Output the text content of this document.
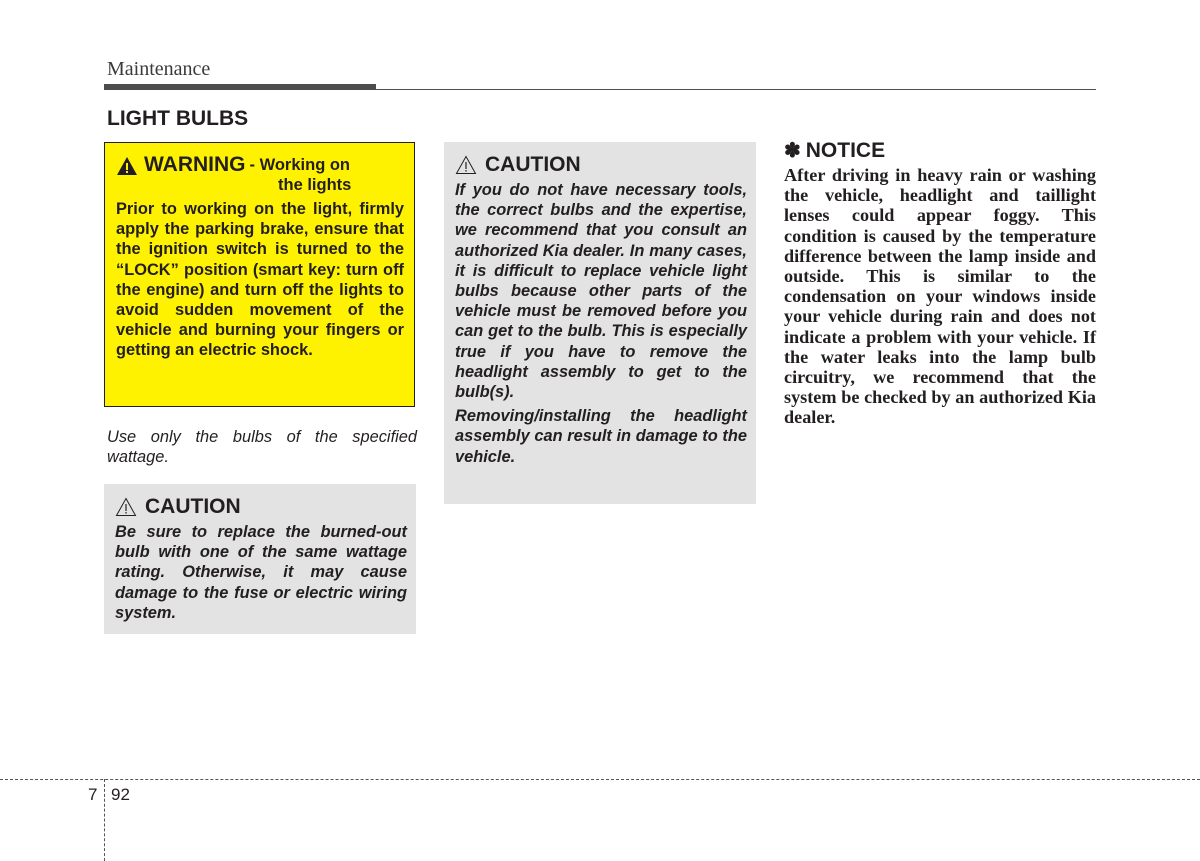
Maintenance
LIGHT BULBS
WARNING - Working on
the lights
Prior to working on the light, firmly apply the parking brake, ensure that the ignition switch is turned to the “LOCK” position (smart key: turn off the engine) and turn off the lights to avoid sudden movement of the vehicle and burning your fingers or getting an electric shock.
Use only the bulbs of the specified wattage.
CAUTION

Be sure to replace the burned-out bulb with one of the same wattage rating. Otherwise, it may cause damage to the fuse or electric wiring system.

CAUTION

If you do not have necessary tools, the correct bulbs and the expertise, we recommend that you consult an authorized Kia dealer. In many cases, it is difficult to replace vehicle light bulbs because other parts of the vehicle must be removed before you can get to the bulb. This is especially true if you have to remove the headlight assembly to get to the bulb(s).

Removing/installing the headlight assembly can result in damage to the vehicle.

✽ NOTICE
After driving in heavy rain or washing the vehicle, headlight and taillight lenses could appear foggy. This condition is caused by the temperature difference between the lamp inside and outside. This is similar to the condensation on your windows inside your vehicle during rain and does not indicate a problem with your vehicle. If the water leaks into the lamp bulb circuitry, we recommend that the system be checked by an authorized Kia dealer.
7 92
